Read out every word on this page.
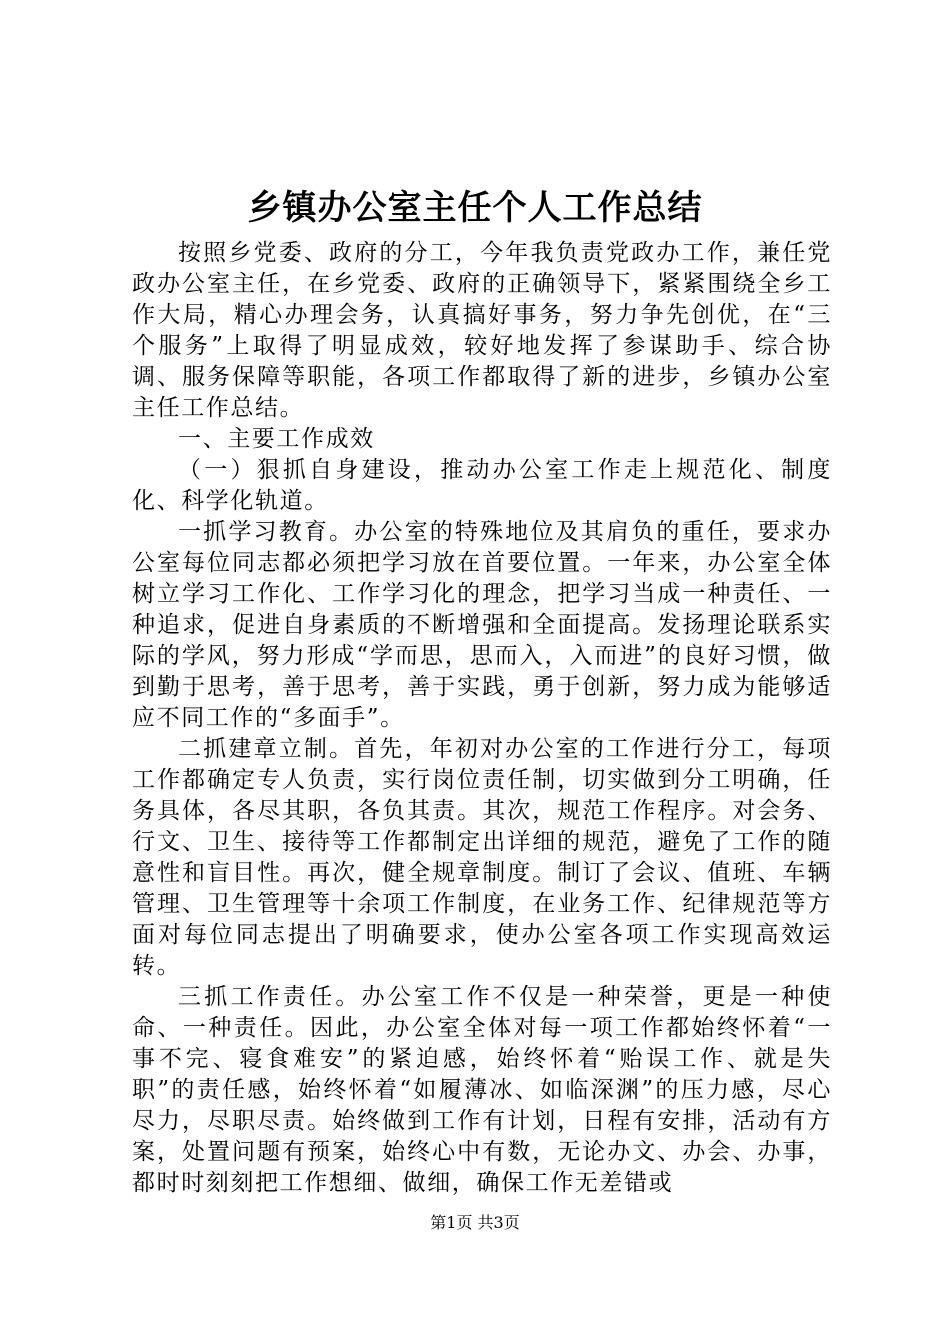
乡镇办公室主任个人工作总结

按照乡党委、政府的分工，今年我负责党政办工作，兼任党政办公室主任，在乡党委、政府的正确领导下，紧紧围绕全乡工作大局，精心办理会务，认真搞好事务，努力争先创优，在“三个服务”上取得了明显成效，较好地发挥了参谋助手、综合协调、服务保障等职能，各项工作都取得了新的进步，乡镇办公室主任工作总结。

一、主要工作成效

（一）狠抓自身建设，推动办公室工作走上规范化、制度化、科学化轨道。

一抓学习教育。办公室的特殊地位及其肩负的重任，要求办公室每位同志都必须把学习放在首要位置。一年来，办公室全体树立学习工作化、工作学习化的理念，把学习当成一种责任、一种追求，促进自身素质的不断增强和全面提高。发扬理论联系实际的学风，努力形成“学而思，思而入，入而进”的良好习惯，做到勤于思考，善于思考，善于实践，勇于创新，努力成为能够适应不同工作的“多面手”。

二抓建章立制。首先，年初对办公室的工作进行分工，每项工作都确定专人负责，实行岗位责任制，切实做到分工明确，任务具体，各尽其职，各负其责。其次，规范工作程序。对会务、行文、卫生、接待等工作都制定出详细的规范，避免了工作的随意性和盲目性。再次，健全规章制度。制订了会议、值班、车辆管理、卫生管理等十余项工作制度，在业务工作、纪律规范等方面对每位同志提出了明确要求，使办公室各项工作实现高效运转。

三抓工作责任。办公室工作不仅是一种荣誉，更是一种使命、一种责任。因此，办公室全体对每一项工作都始终怀着“一事不完、寝食难安”的紧迫感，始终怀着“贻误工作、就是失职”的责任感，始终怀着“如履薄冰、如临深渊”的压力感，尽心尽力，尽职尽责。始终做到工作有计划，日程有安排，活动有方案，处置问题有预案，始终心中有数，无论办文、办会、办事，都时时刻刻把工作想细、做细，确保工作无差错或

第1页 共3页
